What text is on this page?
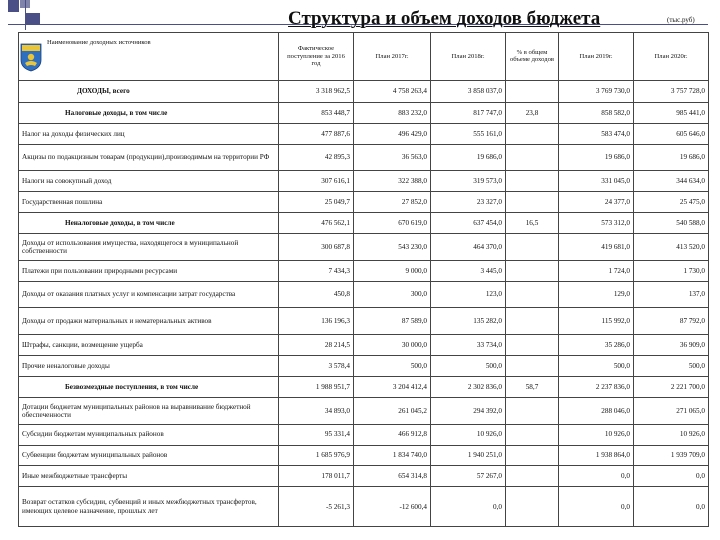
Структура и объем доходов бюджета	(тыс.руб)
Наименование доходных источников	Фактическое поступление за 2016 год	План 2017г.	План 2018г.	% в общем объеме доходов	План 2019г.	План 2020г.
ДОХОДЫ, всего	3 318 962,5	4 758 263,4	3 858 037,0		3 769 730,0	3 757 728,0
Налоговые доходы, в том числе	853 448,7	883 232,0	817 747,0	23,8	858 582,0	985 441,0
Налог на доходы физических лиц	477 887,6	496 429,0	555 161,0		583 474,0	605 646,0
Акцизы по подакцизным товарам (продукции),производимым на территории РФ	42 895,3	36 563,0	19 686,0		19 686,0	19 686,0
Налоги на совокупный доход	307 616,1	322 388,0	319 573,0		331 045,0	344 634,0
Государственная пошлина	25 049,7	27 852,0	23 327,0		24 377,0	25 475,0
Неналоговые доходы, в том числе	476 562,1	670 619,0	637 454,0	16,5	573 312,0	540 588,0
Доходы от использования имущества, находящегося в муниципальной собственности	300 687,8	543 230,0	464 370,0		419 681,0	413 520,0
Платежи при пользовании природными ресурсами	7 434,3	9 000,0	3 445,0		1 724,0	1 730,0
Доходы от оказания платных услуг и компенсации затрат государства	450,8	300,0	123,0		129,0	137,0
Доходы от продажи материальных и нематериальных активов	136 196,3	87 589,0	135 282,0		115 992,0	87 792,0
Штрафы, санкции, возмещение ущерба	28 214,5	30 000,0	33 734,0		35 286,0	36 909,0
Прочие неналоговые доходы	3 578,4	500,0	500,0		500,0	500,0
Безвозмездные поступления, в том числе	1 988 951,7	3 204 412,4	2 302 836,0	58,7	2 237 836,0	2 221 700,0
Дотации бюджетам муниципальных районов на выравнивание бюджетной обеспеченности	34 893,0	261 045,2	294 392,0		288 046,0	271 065,0
Субсидии бюджетам муниципальных районов	95 331,4	466 912,8	10 926,0		10 926,0	10 926,0
Субвенции бюджетам муниципальных районов	1 685 976,9	1 834 740,0	1 940 251,0		1 938 864,0	1 939 709,0
Иные межбюджетные трансферты	178 011,7	654 314,8	57 267,0		0,0	0,0
Возврат остатков субсидии, субвенций и иных межбюджетных трансфертов, имеющих целевое назначение, прошлых лет	-5 261,3	-12 600,4	0,0		0,0	0,0
